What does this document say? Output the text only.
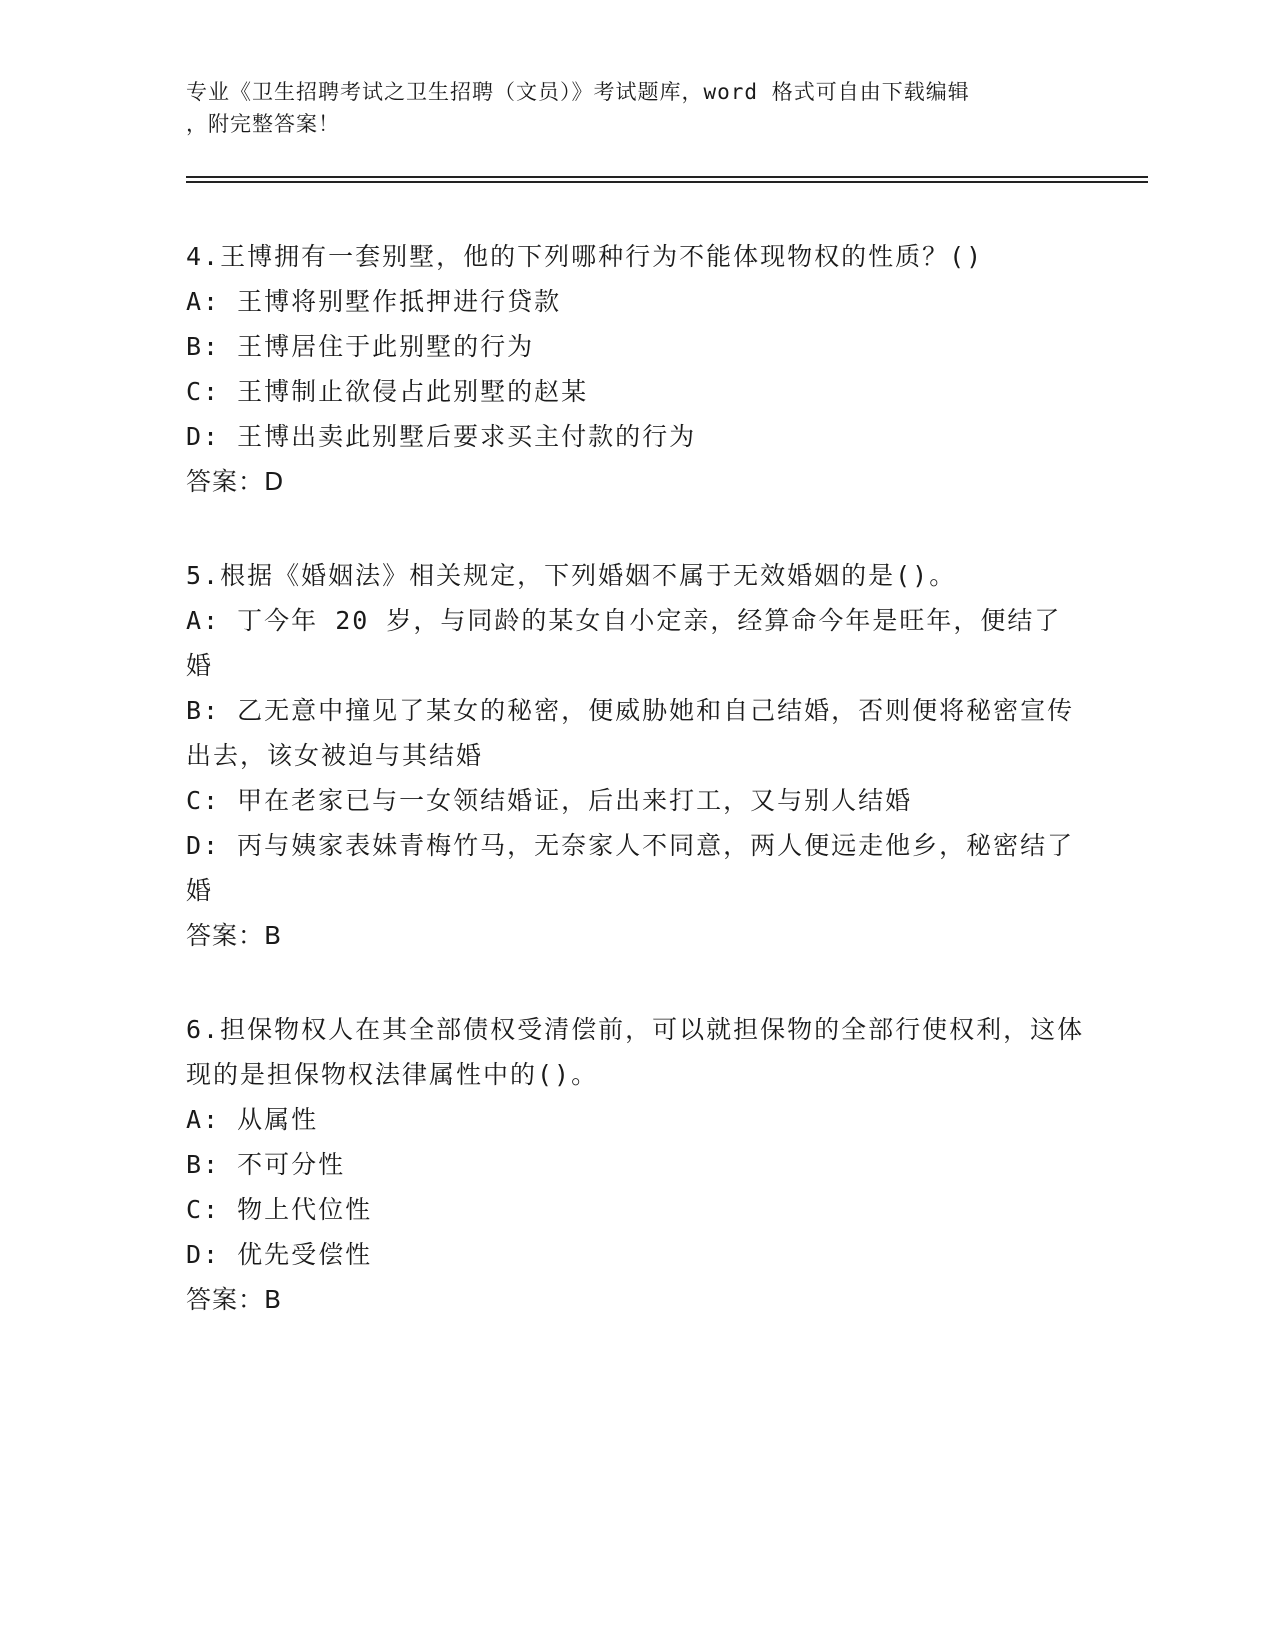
专业《卫生招聘考试之卫生招聘（文员）》考试题库，word 格式可自由下载编辑
，附完整答案！
4.王博拥有一套别墅，他的下列哪种行为不能体现物权的性质？()
A: 王博将别墅作抵押进行贷款
B: 王博居住于此别墅的行为
C: 王博制止欲侵占此别墅的赵某
D: 王博出卖此别墅后要求买主付款的行为
答案：D
5.根据《婚姻法》相关规定，下列婚姻不属于无效婚姻的是()。
A: 丁今年 20 岁，与同龄的某女自小定亲，经算命今年是旺年，便结了婚
B: 乙无意中撞见了某女的秘密，便威胁她和自己结婚，否则便将秘密宣传出去，该女被迫与其结婚
C: 甲在老家已与一女领结婚证，后出来打工，又与别人结婚
D: 丙与姨家表妹青梅竹马，无奈家人不同意，两人便远走他乡，秘密结了婚
答案：B
6.担保物权人在其全部债权受清偿前，可以就担保物的全部行使权利，这体现的是担保物权法律属性中的()。
A: 从属性
B: 不可分性
C: 物上代位性
D: 优先受偿性
答案：B
